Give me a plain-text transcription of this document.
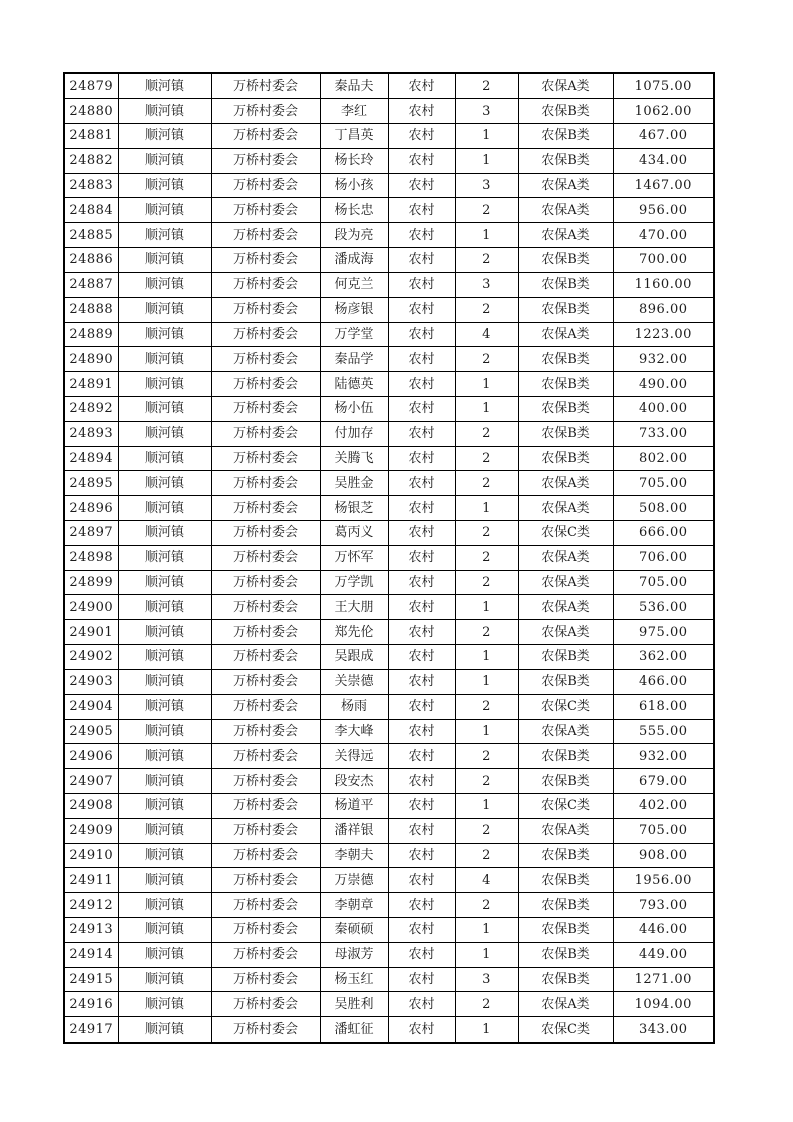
24879	顺河镇	万桥村委会	秦品夫	农村	2	农保A类	1075.00
24880	顺河镇	万桥村委会	李红	农村	3	农保B类	1062.00
24881	顺河镇	万桥村委会	丁昌英	农村	1	农保B类	467.00
24882	顺河镇	万桥村委会	杨长玲	农村	1	农保B类	434.00
24883	顺河镇	万桥村委会	杨小孩	农村	3	农保A类	1467.00
24884	顺河镇	万桥村委会	杨长忠	农村	2	农保A类	956.00
24885	顺河镇	万桥村委会	段为亮	农村	1	农保A类	470.00
24886	顺河镇	万桥村委会	潘成海	农村	2	农保B类	700.00
24887	顺河镇	万桥村委会	何克兰	农村	3	农保B类	1160.00
24888	顺河镇	万桥村委会	杨彦银	农村	2	农保B类	896.00
24889	顺河镇	万桥村委会	万学堂	农村	4	农保A类	1223.00
24890	顺河镇	万桥村委会	秦品学	农村	2	农保B类	932.00
24891	顺河镇	万桥村委会	陆德英	农村	1	农保B类	490.00
24892	顺河镇	万桥村委会	杨小伍	农村	1	农保B类	400.00
24893	顺河镇	万桥村委会	付加存	农村	2	农保B类	733.00
24894	顺河镇	万桥村委会	关腾飞	农村	2	农保B类	802.00
24895	顺河镇	万桥村委会	吴胜金	农村	2	农保A类	705.00
24896	顺河镇	万桥村委会	杨银芝	农村	1	农保A类	508.00
24897	顺河镇	万桥村委会	葛丙义	农村	2	农保C类	666.00
24898	顺河镇	万桥村委会	万怀军	农村	2	农保A类	706.00
24899	顺河镇	万桥村委会	万学凯	农村	2	农保A类	705.00
24900	顺河镇	万桥村委会	王大朋	农村	1	农保A类	536.00
24901	顺河镇	万桥村委会	郑先伦	农村	2	农保A类	975.00
24902	顺河镇	万桥村委会	吴跟成	农村	1	农保B类	362.00
24903	顺河镇	万桥村委会	关崇德	农村	1	农保B类	466.00
24904	顺河镇	万桥村委会	杨雨	农村	2	农保C类	618.00
24905	顺河镇	万桥村委会	李大峰	农村	1	农保A类	555.00
24906	顺河镇	万桥村委会	关得远	农村	2	农保B类	932.00
24907	顺河镇	万桥村委会	段安杰	农村	2	农保B类	679.00
24908	顺河镇	万桥村委会	杨道平	农村	1	农保C类	402.00
24909	顺河镇	万桥村委会	潘祥银	农村	2	农保A类	705.00
24910	顺河镇	万桥村委会	李朝夫	农村	2	农保B类	908.00
24911	顺河镇	万桥村委会	万崇德	农村	4	农保B类	1956.00
24912	顺河镇	万桥村委会	李朝章	农村	2	农保B类	793.00
24913	顺河镇	万桥村委会	秦硕硕	农村	1	农保B类	446.00
24914	顺河镇	万桥村委会	母淑芳	农村	1	农保B类	449.00
24915	顺河镇	万桥村委会	杨玉红	农村	3	农保B类	1271.00
24916	顺河镇	万桥村委会	吴胜利	农村	2	农保A类	1094.00
24917	顺河镇	万桥村委会	潘虹征	农村	1	农保C类	343.00
